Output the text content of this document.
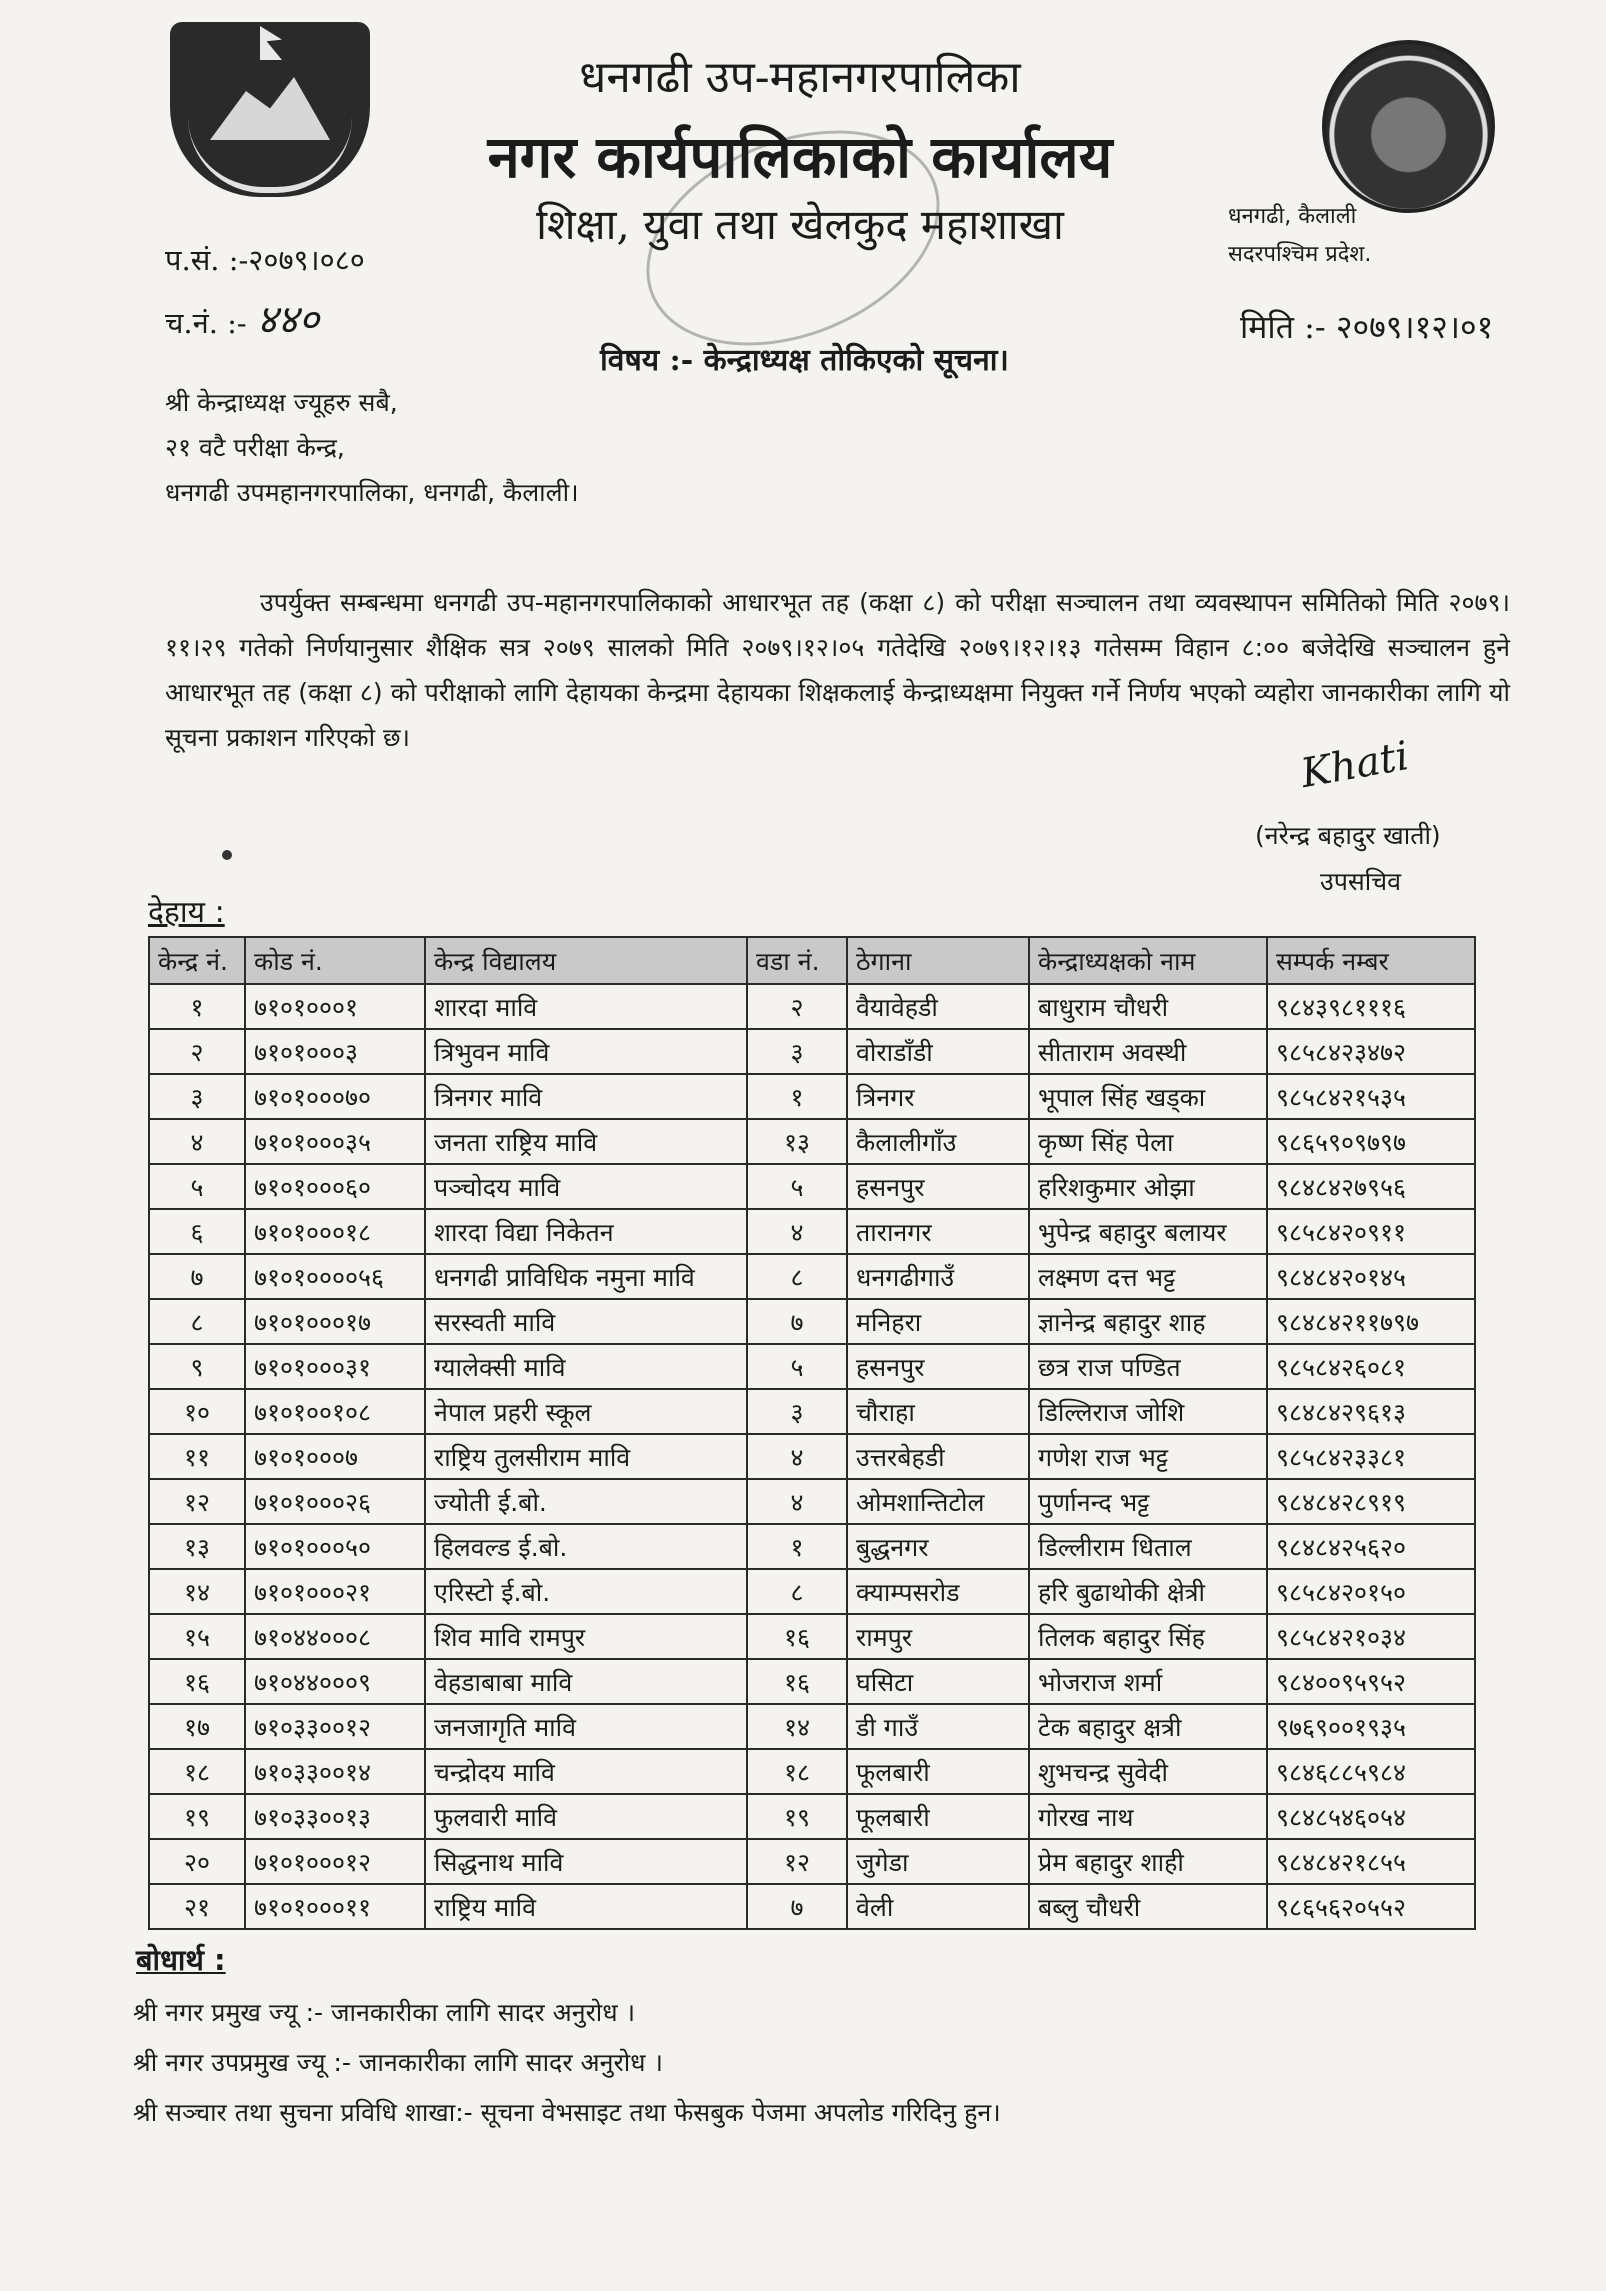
धनगढी उप-महानगरपालिका
नगर कार्यपालिकाको कार्यालय
शिक्षा, युवा तथा खेलकुद महाशाखा	धनगढी, कैलाली
सदरपश्चिम प्रदेश.
प.सं. :-२०७९।०८०
च.नं. :- ४४०	मिति :- २०७९।१२।०१
विषय :- केन्द्राध्यक्ष तोकिएको सूचना।
श्री केन्द्राध्यक्ष ज्यूहरु सबै,
२१ वटै परीक्षा केन्द्र,
धनगढी उपमहानगरपालिका, धनगढी, कैलाली।
उपर्युक्त सम्बन्धमा धनगढी उप-महानगरपालिकाको आधारभूत तह (कक्षा ८) को परीक्षा सञ्चालन तथा व्यवस्थापन समितिको मिति २०७९।११।२९ गतेको निर्णयानुसार शैक्षिक सत्र २०७९ सालको मिति २०७९।१२।०५ गतेदेखि २०७९।१२।१३ गतेसम्म विहान ८:०० बजेदेखि सञ्चालन हुने आधारभूत तह (कक्षा ८) को परीक्षाको लागि देहायका केन्द्रमा देहायका शिक्षकलाई केन्द्राध्यक्षमा नियुक्त गर्ने निर्णय भएको व्यहोरा जानकारीका लागि यो सूचना प्रकाशन गरिएको छ।	Khati
(नरेन्द्र बहादुर खाती)
उपसचिव
देहाय :
केन्द्र नं.	कोड नं.	केन्द्र विद्यालय	वडा नं.	ठेगाना	केन्द्राध्यक्षको नाम	सम्पर्क नम्बर
१	७१०१०००१	शारदा मावि	२	वैयावेहडी	बाधुराम चौधरी	९८४३९८१११६
२	७१०१०००३	त्रिभुवन मावि	३	वोराडाँडी	सीताराम अवस्थी	९८५८४२३४७२
३	७१०१०००७०	त्रिनगर मावि	१	त्रिनगर	भूपाल सिंह खड्का	९८५८४२१५३५
४	७१०१०००३५	जनता राष्ट्रिय मावि	१३	कैलालीगाँउ	कृष्ण सिंह पेला	९८६५९०९७९७
५	७१०१०००६०	पञ्चोदय मावि	५	हसनपुर	हरिशकुमार ओझा	९८४८४२७९५६
६	७१०१०००१८	शारदा विद्या निकेतन	४	तारानगर	भुपेन्द्र बहादुर बलायर	९८५८४२०९११
७	७१०१००००५६	धनगढी प्राविधिक नमुना मावि	८	धनगढीगाउँ	लक्ष्मण दत्त भट्ट	९८४८४२०१४५
८	७१०१०००१७	सरस्वती मावि	७	मनिहरा	ज्ञानेन्द्र बहादुर शाह	९८४८४२११७९७
९	७१०१०००३१	ग्यालेक्सी मावि	५	हसनपुर	छत्र राज पण्डित	९८५८४२६०८१
१०	७१०१००१०८	नेपाल प्रहरी स्कूल	३	चौराहा	डिल्लिराज जोशि	९८४८४२९६१३
११	७१०१०००७	राष्ट्रिय तुलसीराम मावि	४	उत्तरबेहडी	गणेश राज भट्ट	९८५८४२३३८१
१२	७१०१०००२६	ज्योती ई.बो.	४	ओमशान्तिटोल	पुर्णानन्द भट्ट	९८४८४२८९१९
१३	७१०१०००५०	हिलवल्ड ई.बो.	१	बुद्धनगर	डिल्लीराम धिताल	९८४८४२५६२०
१४	७१०१०००२१	एरिस्टो ई.बो.	८	क्याम्पसरोड	हरि बुढाथोकी क्षेत्री	९८५८४२०१५०
१५	७१०४४०००८	शिव मावि रामपुर	१६	रामपुर	तिलक बहादुर सिंह	९८५८४२१०३४
१६	७१०४४०००९	वेहडाबाबा मावि	१६	घसिटा	भोजराज शर्मा	९८४००९५९५२
१७	७१०३३००१२	जनजागृति मावि	१४	डी गाउँ	टेक बहादुर क्षत्री	९७६९००१९३५
१८	७१०३३००१४	चन्द्रोदय मावि	१८	फूलबारी	शुभचन्द्र सुवेदी	९८४६८८५९८४
१९	७१०३३००१३	फुलवारी मावि	१९	फूलबारी	गोरख नाथ	९८४८५४६०५४
२०	७१०१०००१२	सिद्धनाथ मावि	१२	जुगेडा	प्रेम बहादुर शाही	९८४८४२१८५५
२१	७१०१०००११	राष्ट्रिय मावि	७	वेली	बब्लु चौधरी	९८६५६२०५५२
बोधार्थ :
श्री नगर प्रमुख ज्यू :- जानकारीका लागि सादर अनुरोध ।
श्री नगर उपप्रमुख ज्यू :- जानकारीका लागि सादर अनुरोध ।
श्री सञ्चार तथा सुचना प्रविधि शाखा:- सूचना वेभसाइट तथा फेसबुक पेजमा अपलोड गरिदिनु हुन।
